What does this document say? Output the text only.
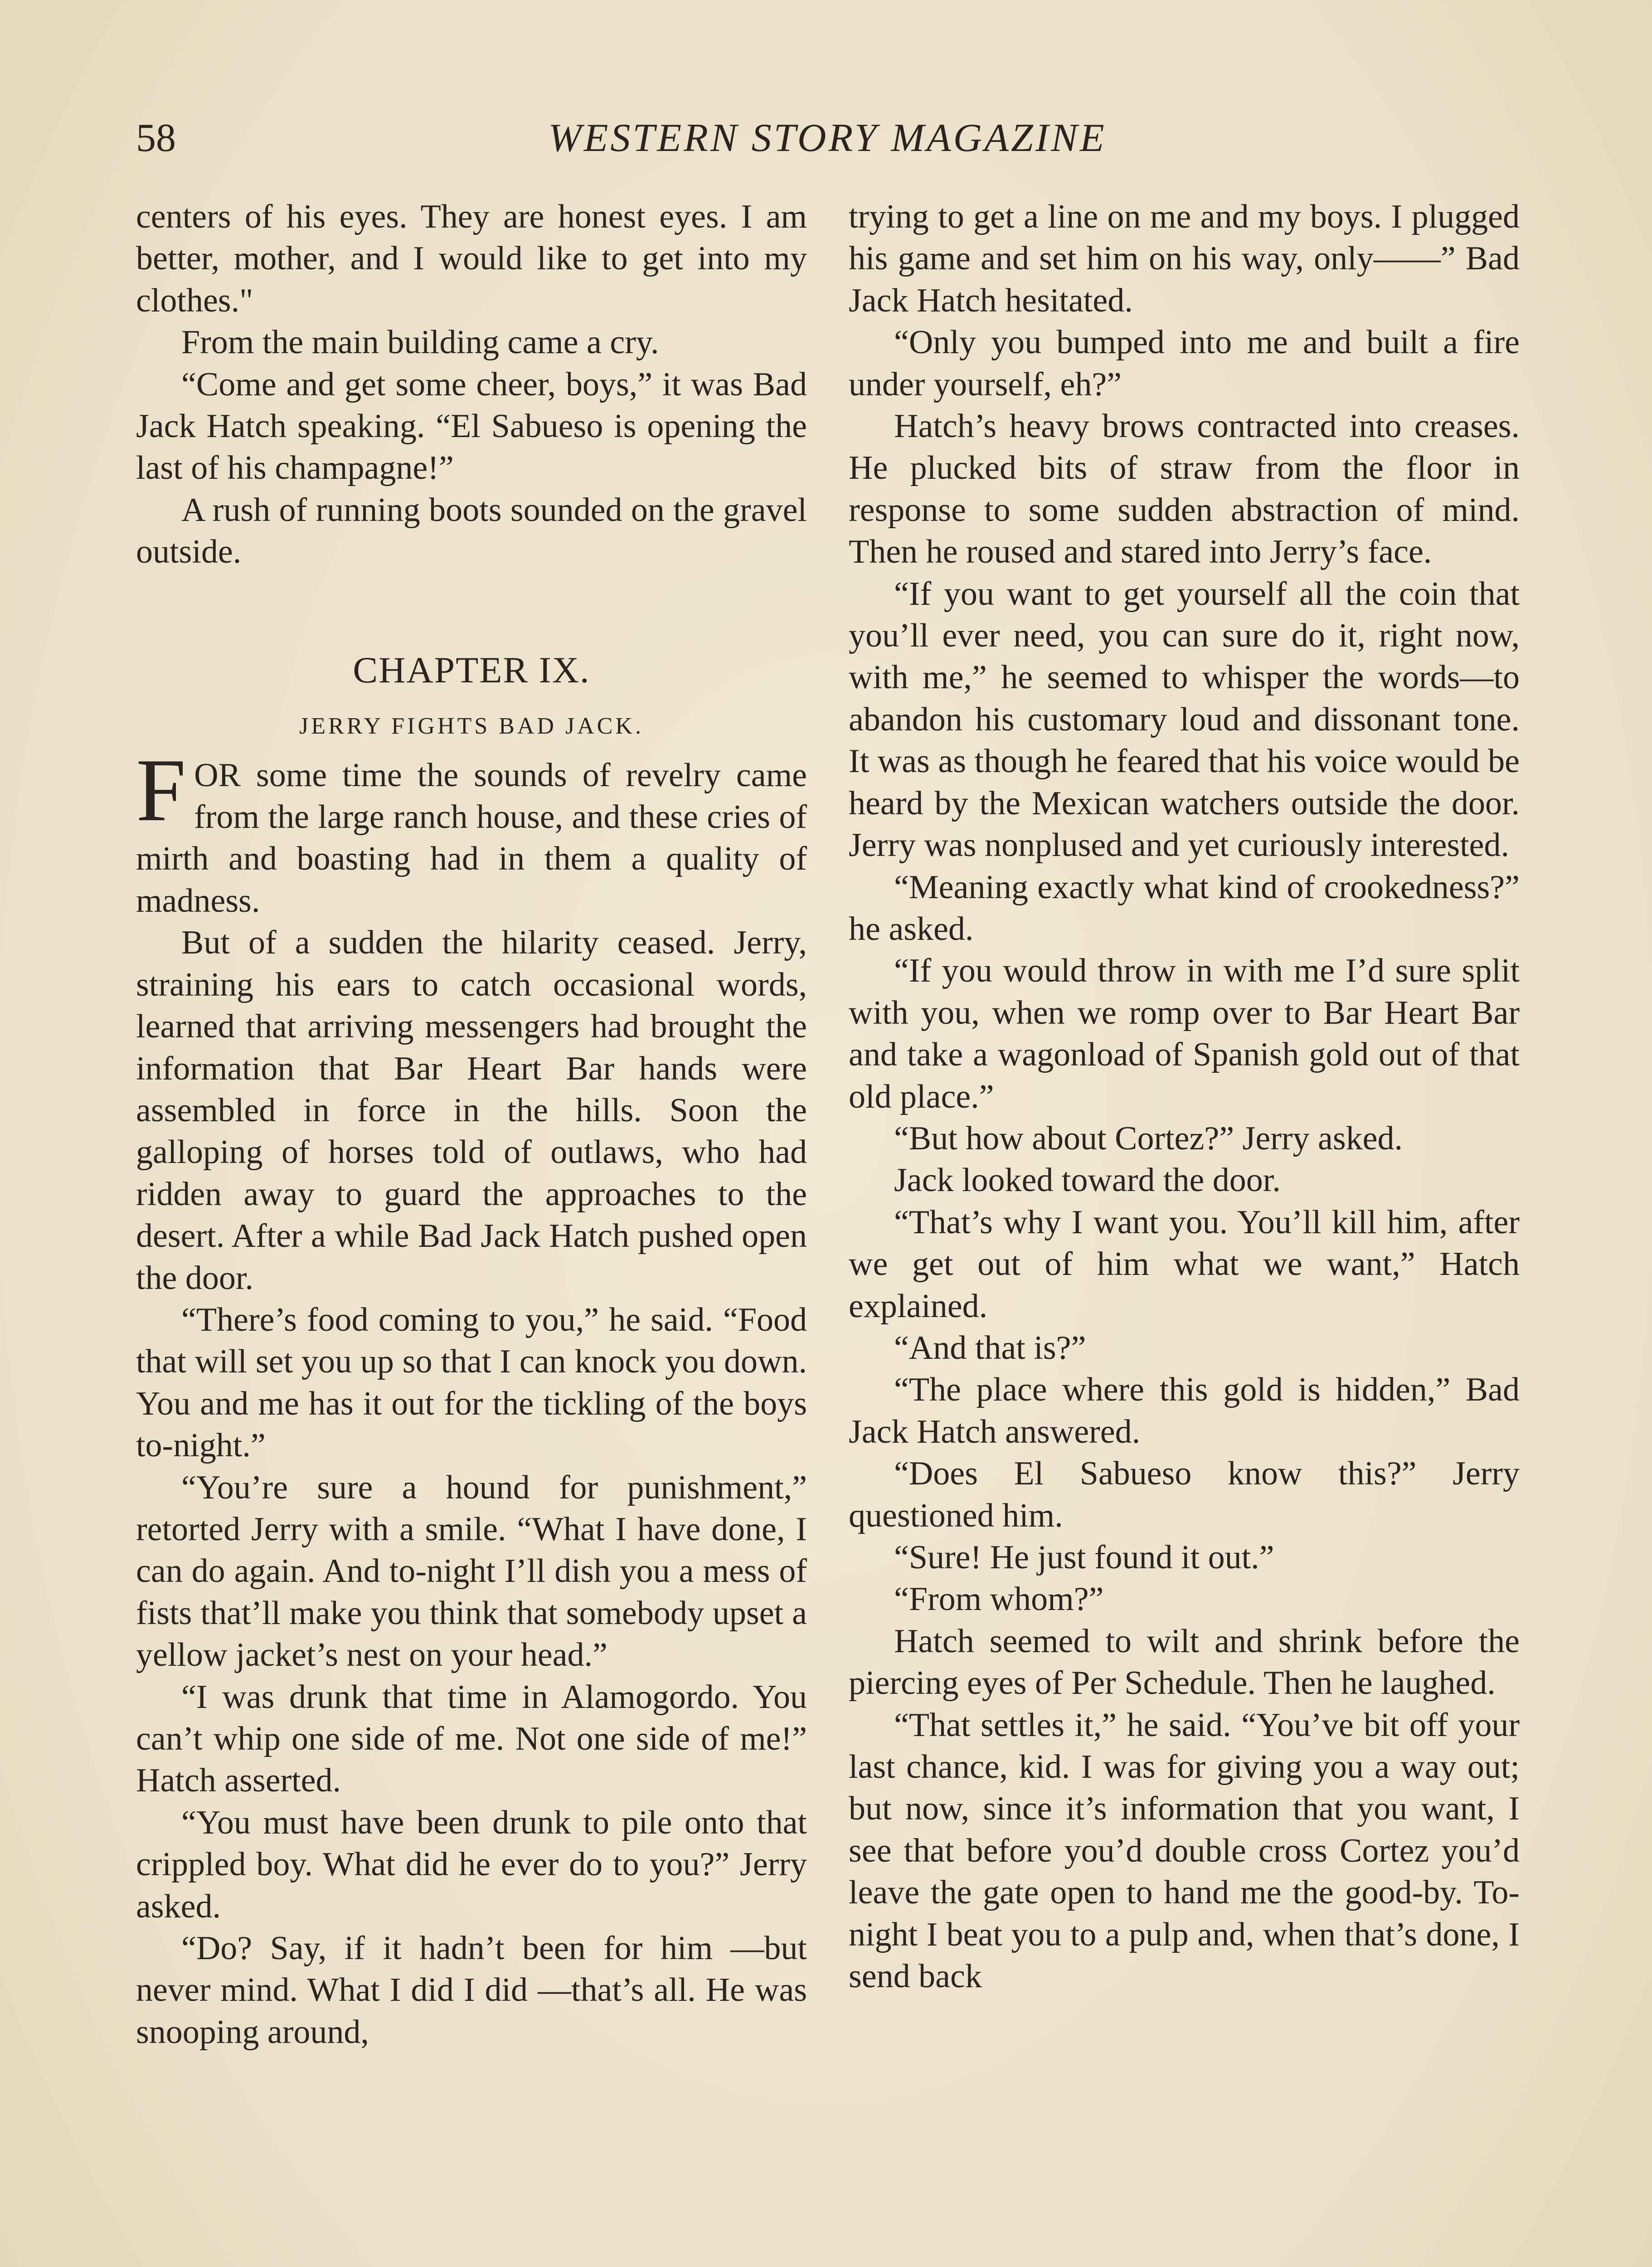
58	WESTERN STORY MAGAZINE

centers of his eyes. They are honest eyes. I am better, mother, and I would like to get into my clothes."

From the main building came a cry.

“Come and get some cheer, boys,” it was Bad Jack Hatch speaking. “El Sabueso is opening the last of his champagne!”

A rush of running boots sounded on the gravel outside.

CHAPTER IX.
JERRY FIGHTS BAD JACK.

FOR some time the sounds of revelry came from the large ranch house, and these cries of mirth and boasting had in them a quality of madness.

But of a sudden the hilarity ceased. Jerry, straining his ears to catch occasional words, learned that arriving messengers had brought the information that Bar Heart Bar hands were assembled in force in the hills. Soon the galloping of horses told of outlaws, who had ridden away to guard the approaches to the desert. After a while Bad Jack Hatch pushed open the door.

“There’s food coming to you,” he said. “Food that will set you up so that I can knock you down. You and me has it out for the tickling of the boys to-night.”

“You’re sure a hound for punishment,” retorted Jerry with a smile. “What I have done, I can do again. And to-night I’ll dish you a mess of fists that’ll make you think that somebody upset a yellow jacket’s nest on your head.”

“I was drunk that time in Alamogordo. You can’t whip one side of me. Not one side of me!” Hatch asserted.

“You must have been drunk to pile onto that crippled boy. What did he ever do to you?” Jerry asked.

“Do? Say, if it hadn’t been for him —but never mind. What I did I did —that’s all. He was snooping around,

trying to get a line on me and my boys. I plugged his game and set him on his way, only——” Bad Jack Hatch hesitated.

“Only you bumped into me and built a fire under yourself, eh?”

Hatch’s heavy brows contracted into creases. He plucked bits of straw from the floor in response to some sudden abstraction of mind. Then he roused and stared into Jerry’s face.

“If you want to get yourself all the coin that you’ll ever need, you can sure do it, right now, with me,” he seemed to whisper the words—to abandon his customary loud and dissonant tone. It was as though he feared that his voice would be heard by the Mexican watchers outside the door. Jerry was nonplused and yet curiously interested.

“Meaning exactly what kind of crookedness?” he asked.

“If you would throw in with me I’d sure split with you, when we romp over to Bar Heart Bar and take a wagonload of Spanish gold out of that old place.”

“But how about Cortez?” Jerry asked.

Jack looked toward the door.

“That’s why I want you. You’ll kill him, after we get out of him what we want,” Hatch explained.

“And that is?”

“The place where this gold is hidden,” Bad Jack Hatch answered.

“Does El Sabueso know this?” Jerry questioned him.

“Sure! He just found it out.”

“From whom?”

Hatch seemed to wilt and shrink before the piercing eyes of Per Schedule. Then he laughed.

“That settles it,” he said. “You’ve bit off your last chance, kid. I was for giving you a way out; but now, since it’s information that you want, I see that before you’d double cross Cortez you’d leave the gate open to hand me the good-by. To-night I beat you to a pulp and, when that’s done, I send back
